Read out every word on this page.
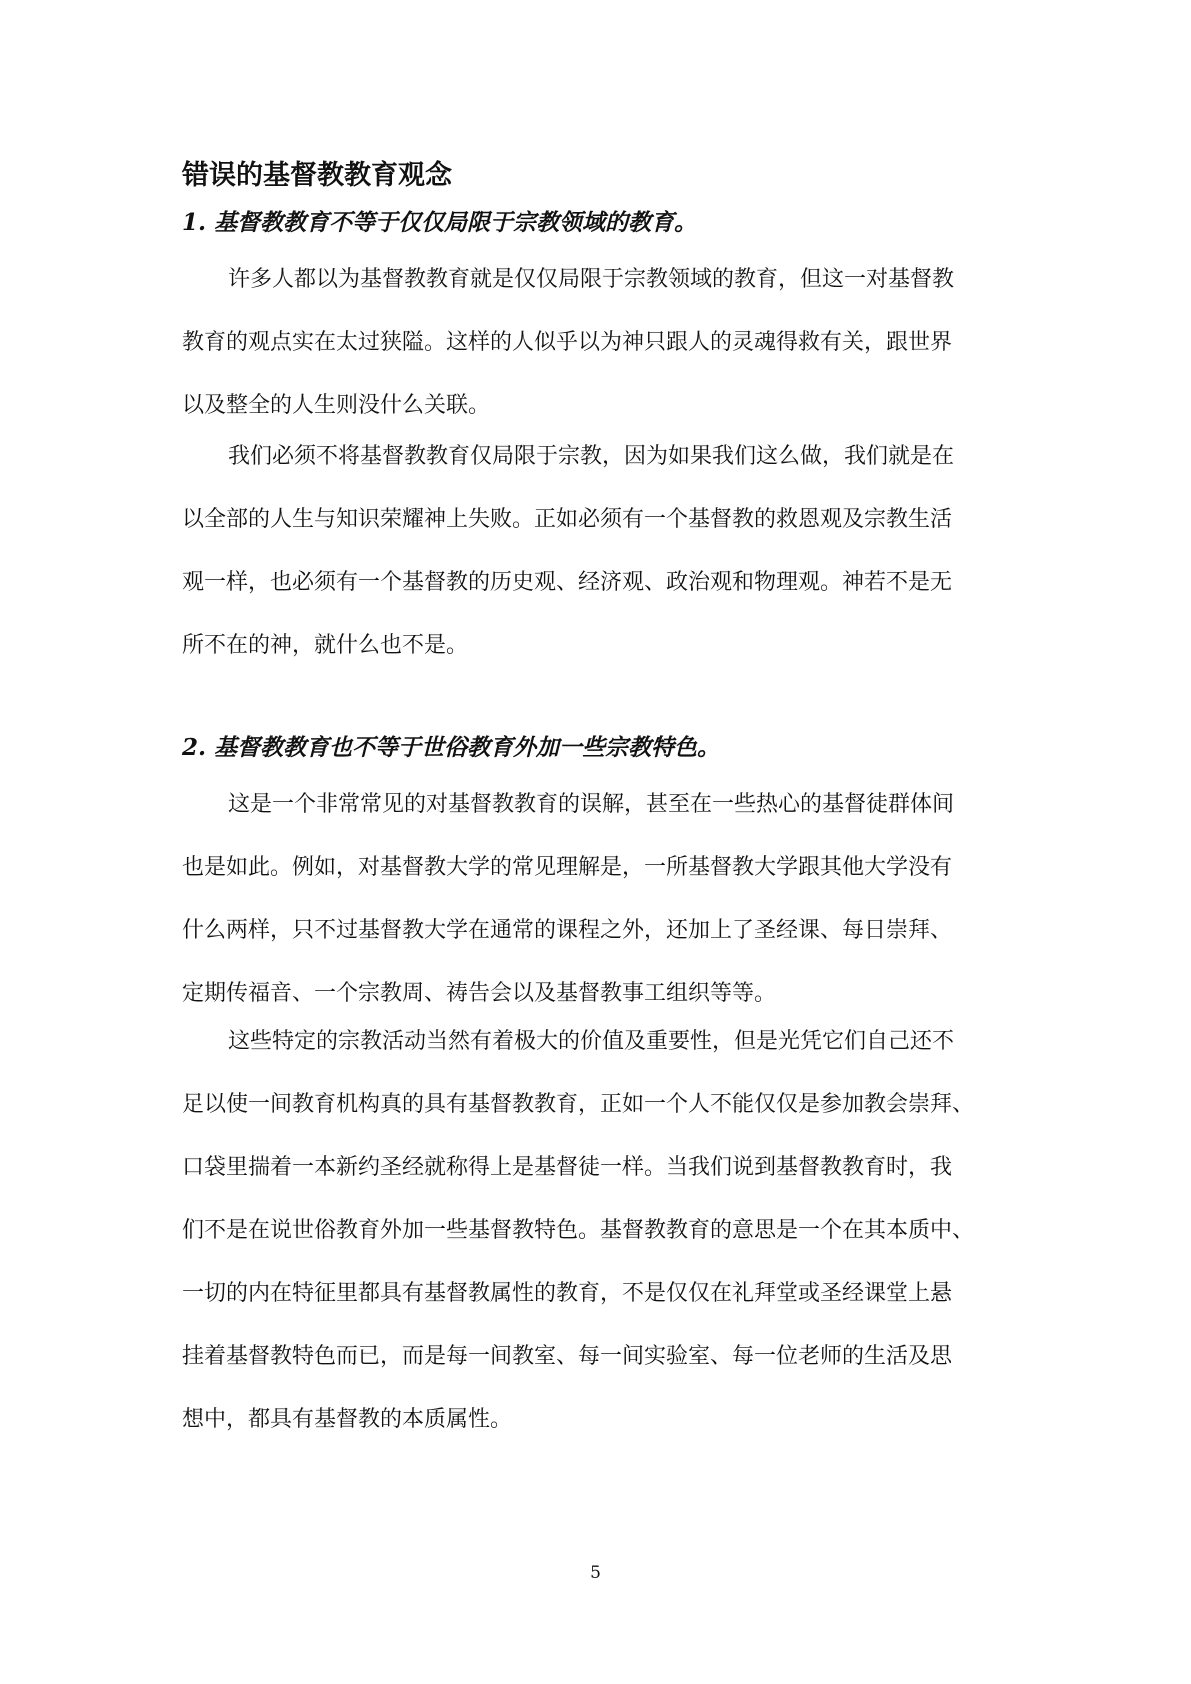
错误的基督教教育观念
1. 基督教教育不等于仅仅局限于宗教领域的教育。
许多人都以为基督教教育就是仅仅局限于宗教领域的教育，但这一对基督教
教育的观点实在太过狭隘。这样的人似乎以为神只跟人的灵魂得救有关，跟世界
以及整全的人生则没什么关联。
我们必须不将基督教教育仅局限于宗教，因为如果我们这么做，我们就是在
以全部的人生与知识荣耀神上失败。正如必须有一个基督教的救恩观及宗教生活
观一样，也必须有一个基督教的历史观、经济观、政治观和物理观。神若不是无
所不在的神，就什么也不是。
2. 基督教教育也不等于世俗教育外加一些宗教特色。
这是一个非常常见的对基督教教育的误解，甚至在一些热心的基督徒群体间
也是如此。例如，对基督教大学的常见理解是，一所基督教大学跟其他大学没有
什么两样，只不过基督教大学在通常的课程之外，还加上了圣经课、每日崇拜、
定期传福音、一个宗教周、祷告会以及基督教事工组织等等。
这些特定的宗教活动当然有着极大的价值及重要性，但是光凭它们自己还不
足以使一间教育机构真的具有基督教教育，正如一个人不能仅仅是参加教会崇拜、
口袋里揣着一本新约圣经就称得上是基督徒一样。当我们说到基督教教育时，我
们不是在说世俗教育外加一些基督教特色。基督教教育的意思是一个在其本质中、
一切的内在特征里都具有基督教属性的教育，不是仅仅在礼拜堂或圣经课堂上悬
挂着基督教特色而已，而是每一间教室、每一间实验室、每一位老师的生活及思
想中，都具有基督教的本质属性。

5
